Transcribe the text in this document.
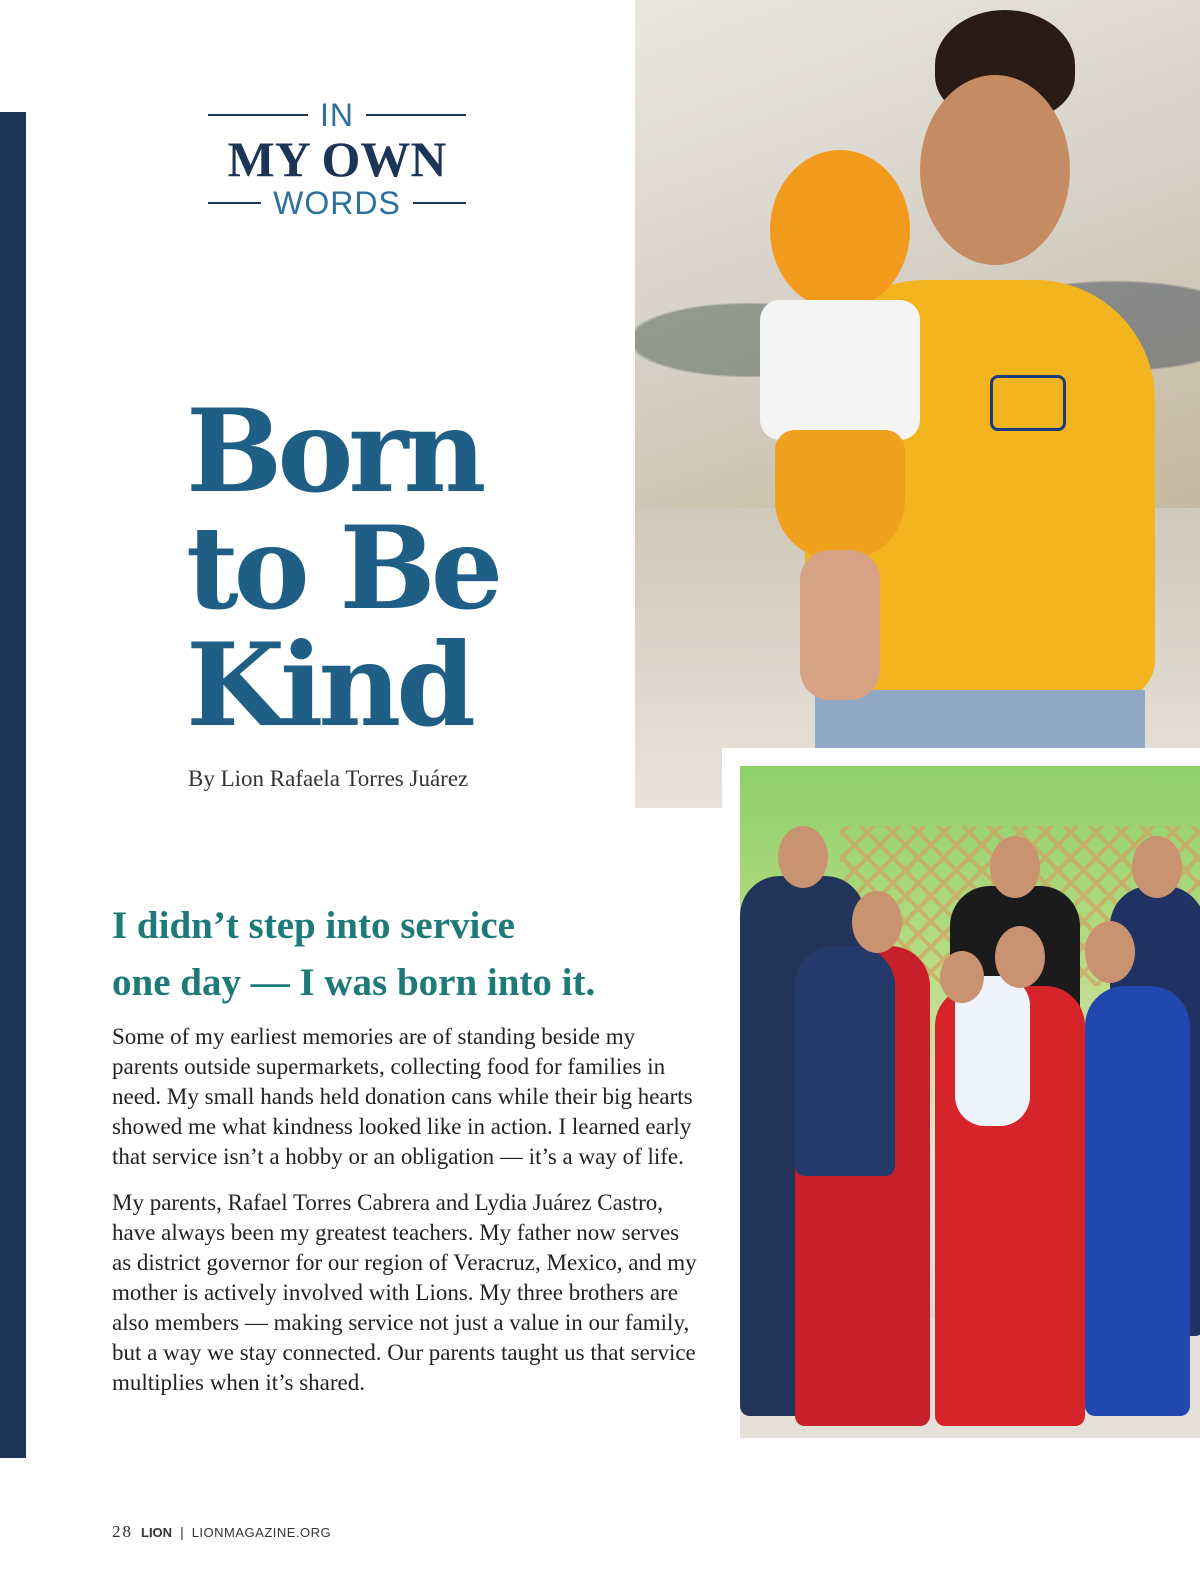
IN
MY OWN
WORDS
Born
to Be
Kind
By Lion Rafaela Torres Juárez
I didn’t step into service
one day — I was born into it.

Some of my earliest memories are of standing beside my parents outside supermarkets, collecting food for families in need. My small hands held donation cans while their big hearts showed me what kindness looked like in action. I learned early that service isn’t a hobby or an obligation — it’s a way of life.

My parents, Rafael Torres Cabrera and Lydia Juárez Castro, have always been my greatest teachers. My father now serves as district governor for our region of Veracruz, Mexico, and my mother is actively involved with Lions. My three brothers are also members — making service not just a value in our family, but a way we stay connected. Our parents taught us that service multiplies when it’s shared.

28 LION | LIONMAGAZINE.ORG
